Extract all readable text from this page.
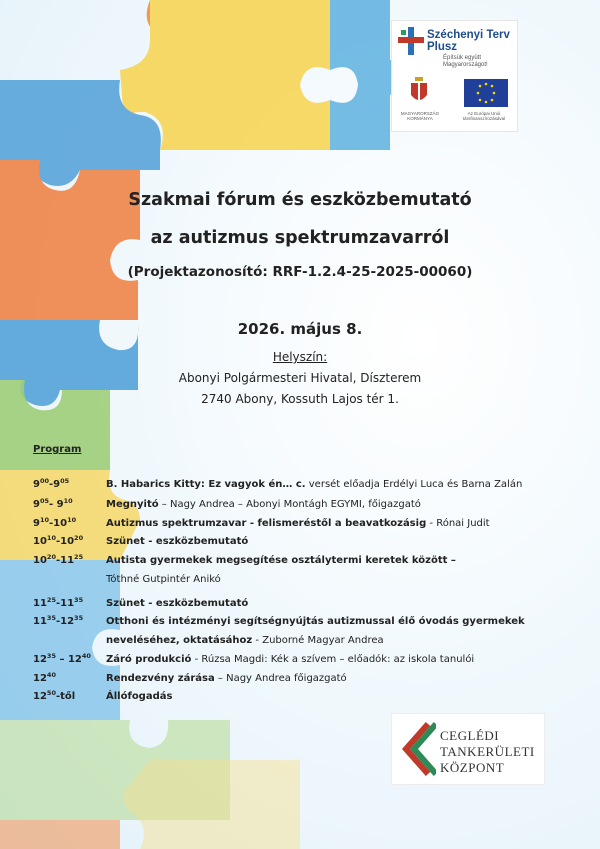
Széchenyi Terv
Plusz
Építsük együtt Magyarországot!
MAGYARORSZÁG KORMÁNYA
Az Európai Unió társfinanszírozásával
Szakmai fórum és eszközbemutató
az autizmus spektrumzavarról
(Projektazonosító: RRF-1.2.4-25-2025-00060)
2026. május 8.
Helyszín:
Abonyi Polgármesteri Hivatal, Díszterem
2740 Abony, Kossuth Lajos tér 1.
Program
$9^{00}-9^{05}$	B. Habarics Kitty: Ez vagyok én… c. versét előadja Erdélyi Luca és Barna Zalán
$9^{05}-$ $9^{10}$	Megnyitó – Nagy Andrea – Abonyi Montágh EGYMI, főigazgató
$9^{10}-10^{10}$	Autizmus spektrumzavar - felismeréstől a beavatkozásig - Rónai Judit
$10^{10}-10^{20}$ Szünet - eszközbemutató
$10^{20}-11^{25}$ Autista gyermekek megsegítése osztálytermi keretek között –
Tóthné Gutpintér Anikó
$11^{25}-11^{35}$ Szünet - eszközbemutató
$11^{35}-12^{35}$ Otthoni és intézményi segítségnyújtás autizmussal élő óvodás gyermekek
neveléséhez, oktatásához - Zuborné Magyar Andrea
$12^{35} - 12^{40}$ Záró produkció - Rúzsa Magdi: Kék a szívem – előadók: az iskola tanulói
$12^{40}$	Rendezvény zárása – Nagy Andrea főigazgató
$12^{50}$-től	Állófogadás
CEGLÉDI
TANKERÜLETI
KÖZPONT
